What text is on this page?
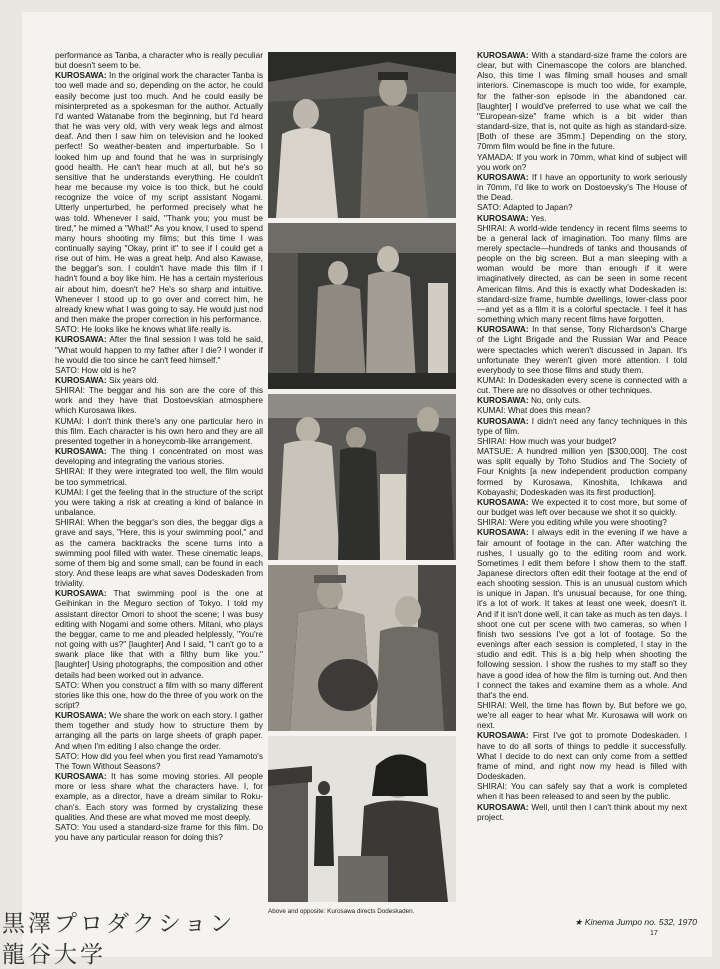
performance as Tanba, a character who is really peculiar but doesn't seem to be.

KUROSAWA: In the original work the character Tanba is too well made and so, depending on the actor, he could easily become just too much. And he could easily be misinterpreted as a spokesman for the author. Actually I'd wanted Watanabe from the beginning, but I'd heard that he was very old, with very weak legs and almost deaf. And then I saw him on television and he looked perfect! So weather-beaten and imperturbable. So I looked him up and found that he was in surprisingly good health. He can't hear much at all, but he's so sensitive that he understands everything. He couldn't hear me because my voice is too thick, but he could recognize the voice of my script assistant Nogami. Utterly unperturbed, he performed precisely what he was told. Whenever I said, "Thank you; you must be tired," he mimed a "What!" As you know, I used to spend many hours shooting my films; but this time I was continually saying "Okay, print it" to see if I could get a rise out of him. He was a great help. And also Kawase, the beggar's son. I couldn't have made this film if I hadn't found a boy like him. He has a certain mysterious air about him, doesn't he? He's so sharp and intuitive. Whenever I stood up to go over and correct him, he already knew what I was going to say. He would just nod and then make the proper correction in his performance.

SATO: He looks like he knows what life really is.

KUROSAWA: After the final session I was told he said, "What would happen to my father after I die? I wonder if he would die too since he can't feed himself."

SATO: How old is he?

KUROSAWA: Six years old.

SHIRAI: The beggar and his son are the core of this work and they have that Dostoevskian atmosphere which Kurosawa likes.

KUMAI: I don't think there's any one particular hero in this film. Each character is his own hero and they are all presented together in a honeycomb-like arrangement.

KUROSAWA: The thing I concentrated on most was developing and integrating the various stories.

SHIRAI: If they were integrated too well, the film would be too symmetrical.

KUMAI: I get the feeling that in the structure of the script you were taking a risk at creating a kind of balance in unbalance.

SHIRAI: When the beggar's son dies, the beggar digs a grave and says, "Here, this is your swimming pool," and as the camera backtracks the scene turns into a swimming pool filled with water. These cinematic leaps, some of them big and some small, can be found in each story. And these leaps are what saves Dodeskaden from triviality.

KUROSAWA: That swimming pool is the one at Geihinkan in the Meguro section of Tokyo. I told my assistant director Omori to shoot the scene; I was busy editing with Nogami and some others. Mitani, who plays the beggar, came to me and pleaded helplessly, "You're not going with us?" [laughter] And I said, "I can't go to a swank place like that with a filthy bum like you." [laughter] Using photographs, the composition and other details had been worked out in advance.

SATO: When you construct a film with so many different stories like this one, how do the three of you work on the script?

KUROSAWA: We share the work on each story. I gather them together and study how to structure them by arranging all the parts on large sheets of graph paper. And when I'm editing I also change the order.

SATO: How did you feel when you first read Yamamoto's The Town Without Seasons?

KUROSAWA: It has some moving stories. All people more or less share what the characters have. I, for example, as a director, have a dream similar to Roku-chan's. Each story was formed by crystalizing these qualities. And these are what moved me most deeply.

SATO: You used a standard-size frame for this film. Do you have any particular reason for doing this?

KUROSAWA: With a standard-size frame the colors are clear, but with Cinemascope the colors are blanched. Also, this time I was filming small houses and small interiors. Cinemascope is much too wide, for example, for the father-son episode in the abandoned car. [laughter] I would've preferred to use what we call the "European-size" frame which is a bit wider than standard-size, that is, not quite as high as standard-size. [Both of these are 35mm.] Depending on the story, 70mm film would be fine in the future.

YAMADA: If you work in 70mm, what kind of subject will you work on?

KUROSAWA: If I have an opportunity to work seriously in 70mm, I'd like to work on Dostoevsky's The House of the Dead.

SATO: Adapted to Japan?

KUROSAWA: Yes.

SHIRAI: A world-wide tendency in recent films seems to be a general lack of imagination. Too many films are merely spectacle—hundreds of tanks and thousands of people on the big screen. But a man sleeping with a woman would be more than enough if it were imaginatively directed, as can be seen in some recent American films. And this is exactly what Dodeskaden is: standard-size frame, humble dwellings, lower-class poor—and yet as a film it is a colorful spectacle. I feel it has something which many recent films have forgotten.

KUROSAWA: In that sense, Tony Richardson's Charge of the Light Brigade and the Russian War and Peace were spectacles which weren't discussed in Japan. It's unfortunate they weren't given more attention. I told everybody to see those films and study them.

KUMAI: In Dodeskaden every scene is connected with a cut. There are no dissolves or other techniques.

KUROSAWA: No, only cuts.

KUMAI: What does this mean?

KUROSAWA: I didn't need any fancy techniques in this type of film.

SHIRAI: How much was your budget?

MATSUE: A hundred million yen [$300,000]. The cost was split equally by Toho Studios and The Society of Four Knights [a new independent production company formed by Kurosawa, Kinoshita, Ichikawa and Kobayashi; Dodeskaden was its first production].

KUROSAWA: We expected it to cost more, but some of our budget was left over because we shot it so quickly.

SHIRAI: Were you editing while you were shooting?

KUROSAWA: I always edit in the evening if we have a fair amount of footage in the can. After watching the rushes, I usually go to the editing room and work. Sometimes I edit them before I show them to the staff. Japanese directors often edit their footage at the end of each shooting session. This is an unusual custom which is unique in Japan. It's unusual because, for one thing, it's a lot of work. It takes at least one week, doesn't it. And if it isn't done well, it can take as much as ten days. I shoot one cut per scene with two cameras, so when I finish two sessions I've got a lot of footage. So the evenings after each session is completed, I stay in the studio and edit. This is a big help when shooting the following session. I show the rushes to my staff so they have a good idea of how the film is turning out. And then I connect the takes and examine them as a whole. And that's the end.

SHIRAI: Well, the time has flown by. But before we go, we're all eager to hear what Mr. Kurosawa will work on next.

KUROSAWA: First I've got to promote Dodeskaden. I have to do all sorts of things to peddle it successfully. What I decide to do next can only come from a settled frame of mind, and right now my head is filled with Dodeskaden.

SHIRAI: You can safely say that a work is completed when it has been released to and seen by the public.

KUROSAWA: Well, until then I can't think about my next project.

Above and opposite: Kurosawa directs Dodeskaden.
★ Kinema Jumpo no. 532, 1970
17
黒澤プロダクション
龍谷大学
